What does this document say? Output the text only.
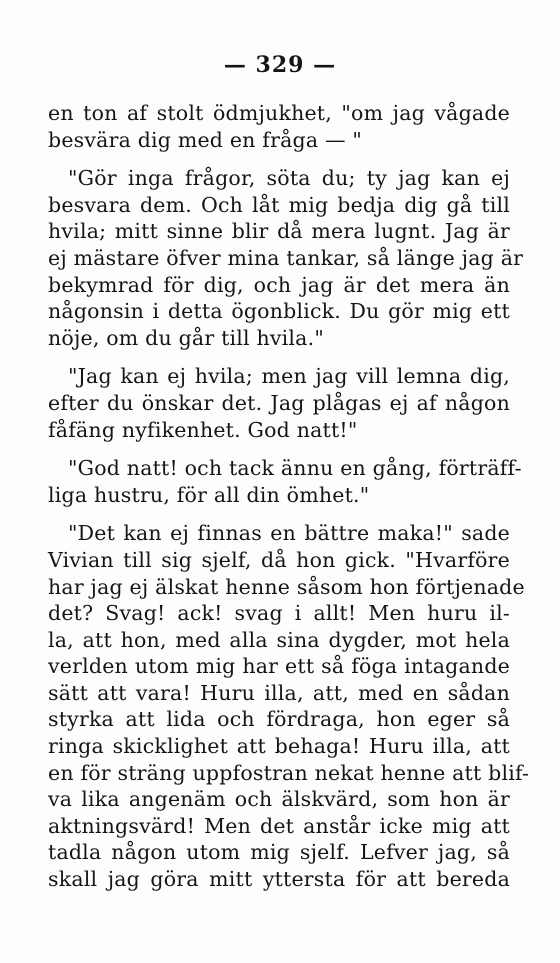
— 329 —
en ton af stolt ödmjukhet, "om jag vågade
besvära dig med en fråga — "
"Gör inga frågor, söta du; ty jag kan ej
besvara dem. Och låt mig bedja dig gå till
hvila; mitt sinne blir då mera lugnt. Jag är
ej mästare öfver mina tankar, så länge jag är
bekymrad för dig, och jag är det mera än
någonsin i detta ögonblick. Du gör mig ett
nöje, om du går till hvila."
"Jag kan ej hvila; men jag vill lemna dig,
efter du önskar det. Jag plågas ej af någon
fåfäng nyfikenhet. God natt!"
"God natt! och tack ännu en gång, förträff-
liga hustru, för all din ömhet."
"Det kan ej finnas en bättre maka!" sade
Vivian till sig sjelf, då hon gick. "Hvarföre
har jag ej älskat henne såsom hon förtjenade
det? Svag! ack! svag i allt! Men huru il-
la, att hon, med alla sina dygder, mot hela
verlden utom mig har ett så föga intagande
sätt att vara! Huru illa, att, med en sådan
styrka att lida och fördraga, hon eger så
ringa skicklighet att behaga! Huru illa, att
en för sträng uppfostran nekat henne att blif-
va lika angenäm och älskvärd, som hon är
aktningsvärd! Men det anstår icke mig att
tadla någon utom mig sjelf. Lefver jag, så
skall jag göra mitt yttersta för att bereda
